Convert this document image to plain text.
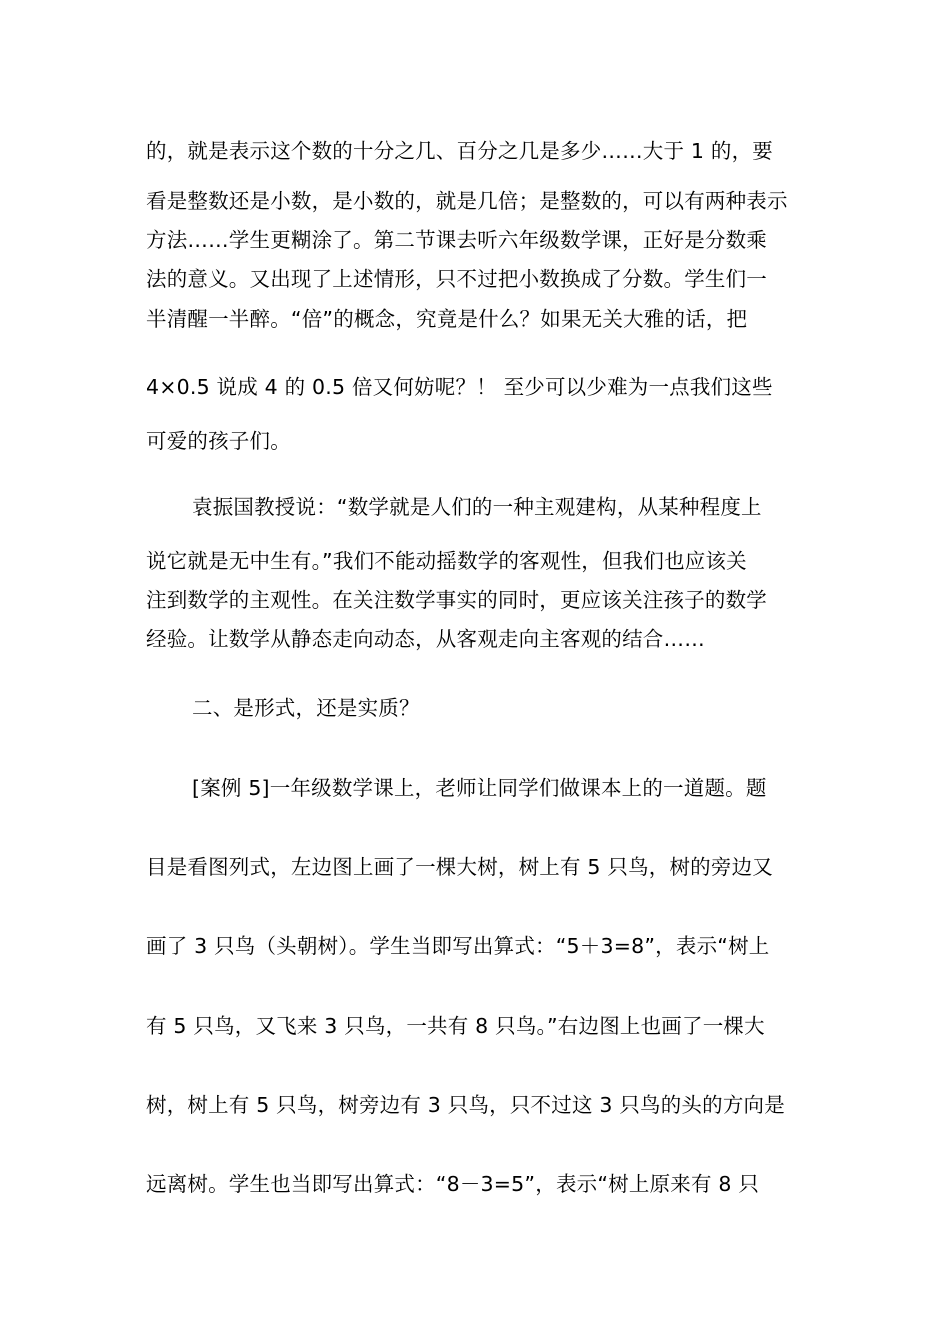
的，就是表示这个数的十分之几、百分之几是多少……大于 1 的，要
看是整数还是小数，是小数的，就是几倍；是整数的，可以有两种表示
方法……学生更糊涂了。第二节课去听六年级数学课，正好是分数乘
法的意义。又出现了上述情形，只不过把小数换成了分数。学生们一
半清醒一半醉。“倍”的概念，究竟是什么？如果无关大雅的话，把
4×0.5 说成 4 的 0.5 倍又何妨呢？！ 至少可以少难为一点我们这些
可爱的孩子们。
袁振国教授说：“数学就是人们的一种主观建构，从某种程度上
说它就是无中生有。”我们不能动摇数学的客观性，但我们也应该关
注到数学的主观性。在关注数学事实的同时，更应该关注孩子的数学
经验。让数学从静态走向动态，从客观走向主客观的结合……
二、是形式，还是实质？
[案例 5]一年级数学课上，老师让同学们做课本上的一道题。题
目是看图列式，左边图上画了一棵大树，树上有 5 只鸟，树的旁边又
画了 3 只鸟（头朝树）。学生当即写出算式：“5＋3=8”，表示“树上
有 5 只鸟，又飞来 3 只鸟，一共有 8 只鸟。”右边图上也画了一棵大
树，树上有 5 只鸟，树旁边有 3 只鸟，只不过这 3 只鸟的头的方向是
远离树。学生也当即写出算式：“8－3=5”，表示“树上原来有 8 只
